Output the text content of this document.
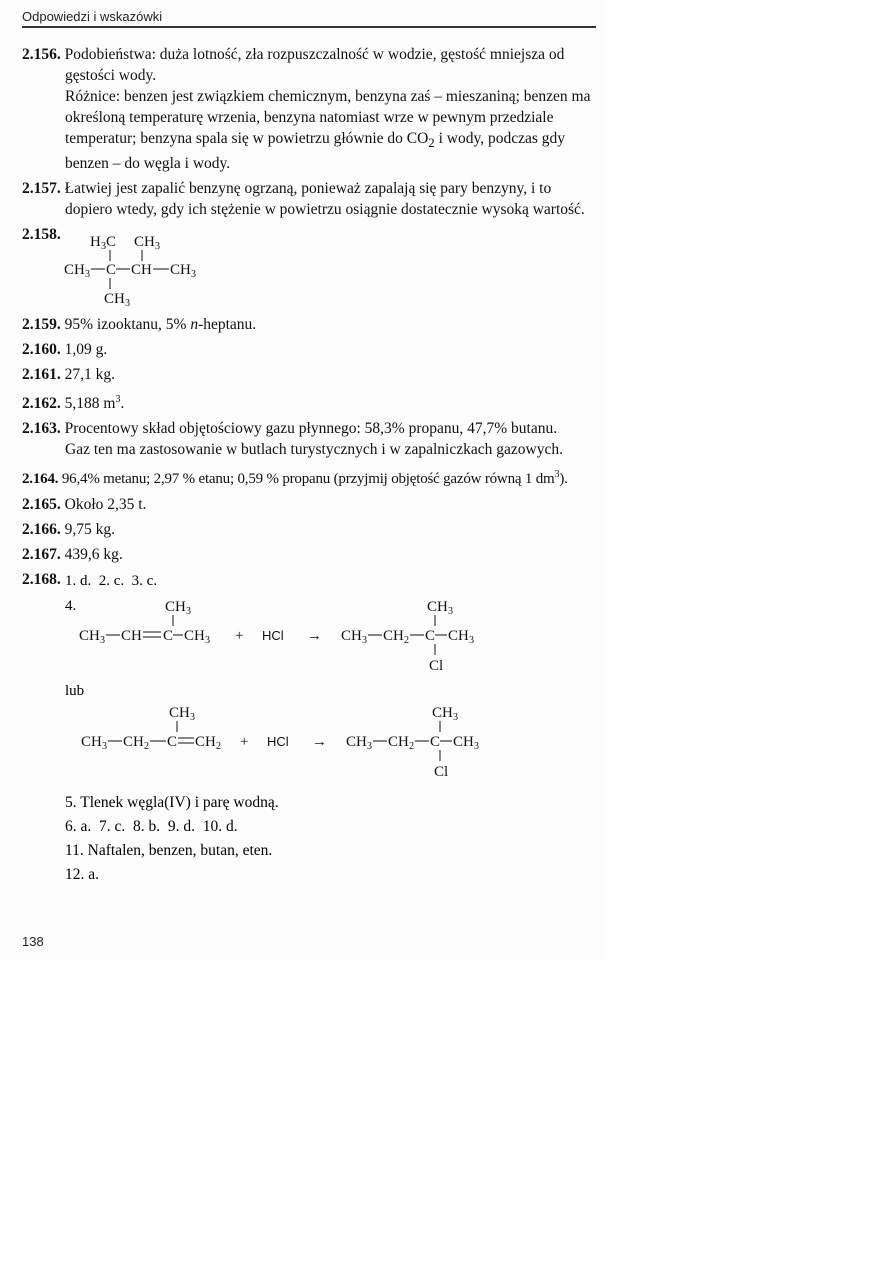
Odpowiedzi i wskazówki
2.156. Podobieństwa: duża lotność, zła rozpuszczalność w wodzie, gęstość mniejsza od gęstości wody.
Różnice: benzen jest związkiem chemicznym, benzyna zaś – mieszaniną; benzen ma określoną temperaturę wrzenia, benzyna natomiast wrze w pewnym przedziale temperatur; benzyna spala się w powietrzu głównie do $CO_2$ i wody, podczas gdy benzen – do węgla i wody.
2.157. Łatwiej jest zapalić benzynę ogrzaną, ponieważ zapalają się pary benzyny, i to dopiero wtedy, gdy ich stężenie w powietrzu osiągnie dostatecznie wysoką wartość.
2.158. H 3 C CH 3
CH 3 C CH CH 3
CH 3
2.159. 95% izooktanu, 5% n-heptanu.
2.160. 1,09 g.
2.161. 27,1 kg.
2.162. 5,188 $m^3$.
2.163. Procentowy skład objętościowy gazu płynnego: 58,3% propanu, 47,7% butanu.
Gaz ten ma zastosowanie w butlach turystycznych i w zapalniczkach gazowych.
2.164. 96,4% metanu; 2,97 % etanu; 0,59 % propanu (przyjmij objętość gazów równą 1 $dm^3$).
2.165. Około 2,35 t.
2.166. 9,75 kg.
2.167. 439,6 kg.
2.168. 1. d.  2. c.  3. c.
4.	CH 3
CH 3 CH C CH 3 + HCl →
CH 3
CH 3 CH 2 C CH 3
Cl
lub
CH 3
CH 3 CH 2 C CH 2 + HCl →
CH 3
CH 3 CH 2 C CH 3
Cl
5. Tlenek węgla(IV) i parę wodną.
6. a.  7. c.  8. b.  9. d.  10. d.
11. Naftalen, benzen, butan, eten.
12. a.
138
